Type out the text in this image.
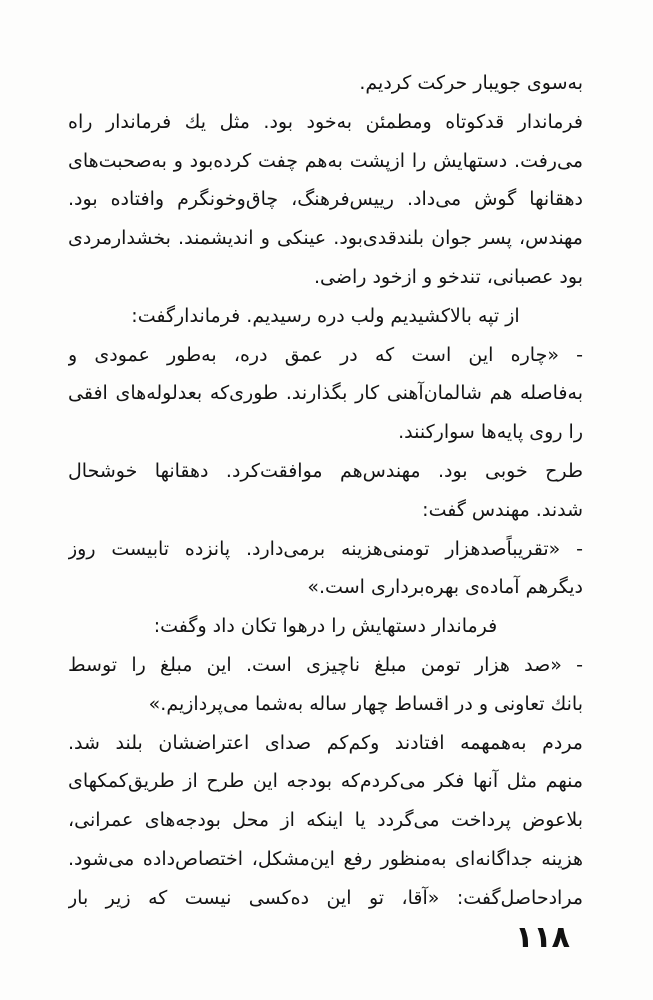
به‌سوی جویبار حرکت کردیم.
فرماندار قدکوتاه ومطمئن به‌خود بود. مثل یك فرماندار راه
می‌رفت. دستهایش را ازپشت به‌هم چفت کرده‌بود و به‌صحبت‌های
دهقانها گوش می‌داد. رییس‌فرهنگ، چاق‌وخونگرم وافتاده بود.
مهندس، پسر جوان بلندقدی‌بود. عینکی و اندیشمند. بخشدارمردی
بود عصبانی، تندخو و ازخود راضی.
از تپه بالاکشیدیم ولب دره رسیدیم. فرماندارگفت:
- «چاره این است که در عمق دره، به‌طور عمودی و
به‌فاصله هم شالمان‌آهنی کار بگذارند. طوری‌که بعدلوله‌های افقی
را روی پایه‌ها سوارکنند.
طرح خوبی بود. مهندس‌هم موافقت‌کرد. دهقانها خوشحال
شدند. مهندس گفت:
- «تقریباًصدهزار تومنی‌هزینه برمی‌دارد. پانزده تابیست روز
دیگرهم آماده‌ی بهره‌برداری است.»
فرماندار دستهایش را درهوا تکان داد وگفت:
- «صد هزار تومن مبلغ ناچیزی است. این مبلغ را توسط
بانك تعاونی و در اقساط چهار ساله به‌شما می‌پردازیم.»
مردم به‌همهمه افتادند وکم‌کم صدای اعتراضشان بلند شد.
منهم مثل آنها فکر می‌کردم‌که بودجه این طرح از طریق‌کمکهای
بلاعوض پرداخت می‌گردد یا اینکه از محل بودجه‌های عمرانی،
هزینه جداگانه‌ای به‌منظور رفع این‌مشکل، اختصاص‌داده می‌شود.
مرادحاصل‌گفت: «آقا، تو این ده‌کسی نیست که زیر بار
۱۱۸
